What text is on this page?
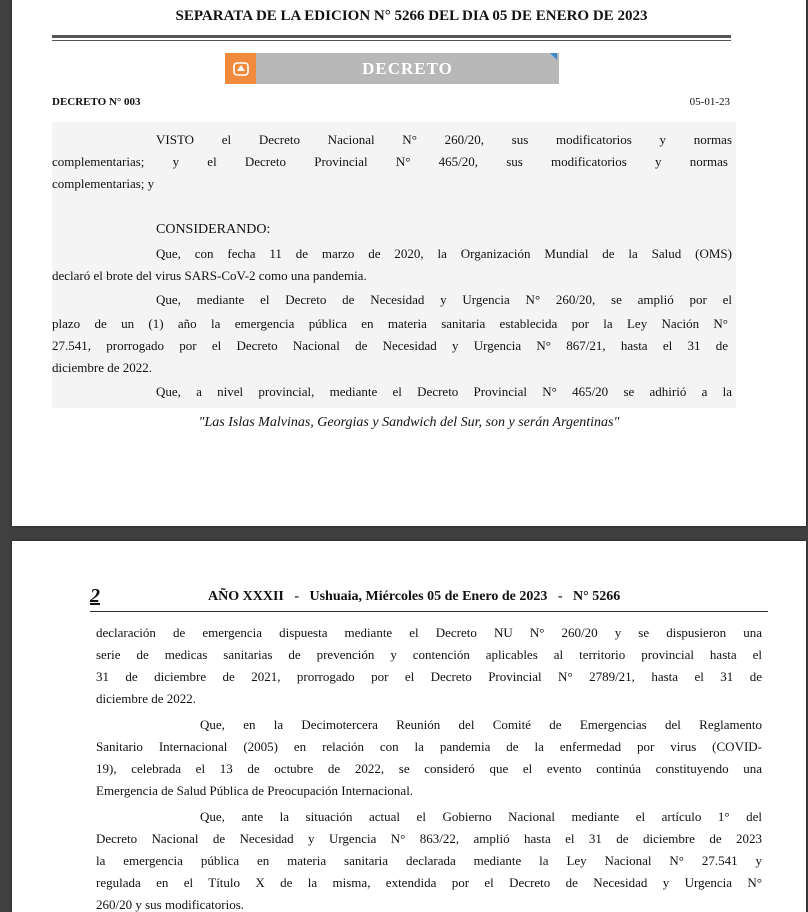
SEPARATA DE LA EDICION N° 5266 DEL DIA 05 DE ENERO DE 2023
DECRETO
DECRETO N° 003	05-01-23
VISTO el Decreto Nacional N° 260/20, sus modificatorios y normas
complementarias; y el Decreto Provincial N° 465/20, sus modificatorios y normas
complementarias; y
CONSIDERANDO:
Que, con fecha 11 de marzo de 2020, la Organización Mundial de la Salud (OMS)
declaró el brote del virus SARS-CoV-2 como una pandemia.
Que, mediante el Decreto de Necesidad y Urgencia N° 260/20, se amplió por el
plazo de un (1) año la emergencia pública en materia sanitaria establecida por la Ley Nación N°
27.541, prorrogado por el Decreto Nacional de Necesidad y Urgencia N° 867/21, hasta el 31 de
diciembre de 2022.
Que, a nivel provincial, mediante el Decreto Provincial N° 465/20 se adhirió a la
"Las Islas Malvinas, Georgias y Sandwich del Sur, son y serán Argentinas"
2	AÑO XXXII   -   Ushuaia, Miércoles 05 de Enero de 2023   -   N° 5266
declaración de emergencia dispuesta mediante el Decreto NU N° 260/20 y se dispusieron una
serie de medicas sanitarias de prevención y contención aplicables al territorio provincial hasta el
31 de diciembre de 2021, prorrogado por el Decreto Provincial N° 2789/21, hasta el 31 de
diciembre de 2022.
Que, en la Decimotercera Reunión del Comité de Emergencias del Reglamento
Sanitario Internacional (2005) en relación con la pandemia de la enfermedad por virus (COVID-
19), celebrada el 13 de octubre de 2022, se consideró que el evento continúa constituyendo una
Emergencia de Salud Pública de Preocupación Internacional.
Que, ante la situación actual el Gobierno Nacional mediante el artículo 1° del
Decreto Nacional de Necesidad y Urgencia N° 863/22, amplió hasta el 31 de diciembre de 2023
la emergencia pública en materia sanitaria declarada mediante la Ley Nacional N° 27.541 y
regulada en el Título X de la misma, extendida por el Decreto de Necesidad y Urgencia N°
260/20 y sus modificatorios.
